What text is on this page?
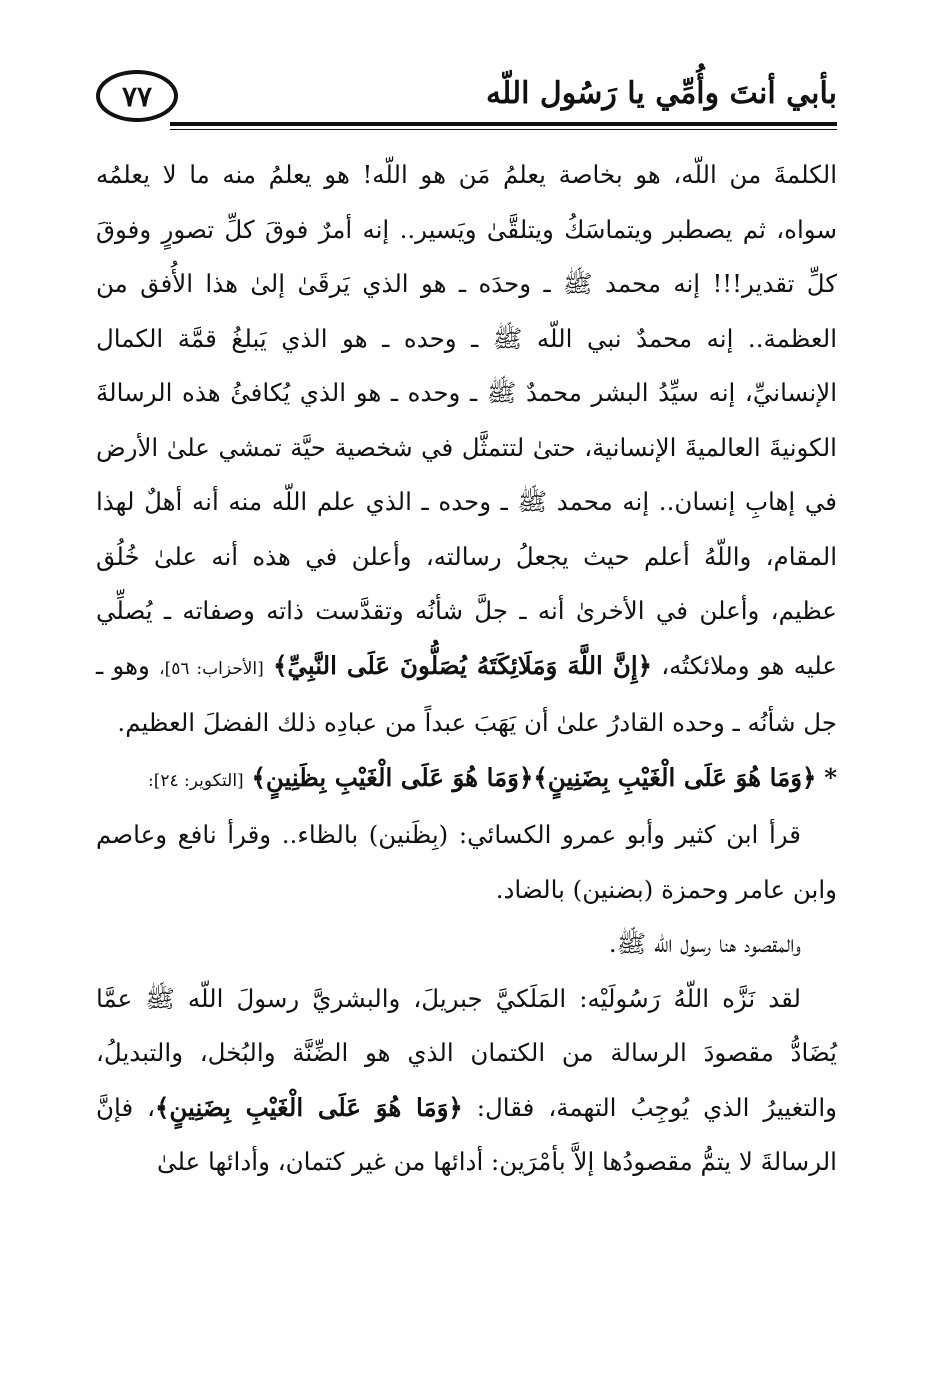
بأبي أنتَ وأُمِّي يا رَسُول اللّه
٧٧

الكلمةَ من اللّه، هو بخاصة يعلمُ مَن هو اللّه! هو يعلمُ منه ما لا يعلمُه سواه، ثم يصطبر ويتماسَكُ ويتلقَّىٰ ويَسير.. إنه أمرٌ فوقَ كلِّ تصورٍ وفوقَ كلِّ تقدير!!! إنه محمد ﷺ ـ وحدَه ـ هو الذي يَرقَىٰ إلىٰ هذا الأُفق من العظمة.. إنه محمدٌ نبي اللّه ﷺ ـ وحده ـ هو الذي يَبلغُ قمَّة الكمال الإنسانيِّ، إنه سيِّدُ البشر محمدٌ ﷺ ـ وحده ـ هو الذي يُكافئُ هذه الرسالةَ الكونيةَ العالميةَ الإنسانية، حتىٰ لتتمثَّل في شخصية حيَّة تمشي علىٰ الأرض في إهابِ إنسان.. إنه محمد ﷺ ـ وحده ـ الذي علم اللّه منه أنه أهلٌ لهذا المقام، واللّهُ أعلم حيث يجعلُ رسالته، وأعلن في هذه أنه علىٰ خُلُق عظيم، وأعلن في الأخرىٰ أنه ـ جلَّ شأنُه وتقدَّست ذاته وصفاته ـ يُصلِّي عليه هو وملائكتُه، ﴿إِنَّ اللَّهَ وَمَلَائِكَتَهُ يُصَلُّونَ عَلَى النَّبِيِّ﴾ [الأحزاب: ٥٦]، وهو ـ جل شأنُه ـ وحده القادرُ علىٰ أن يَهَبَ عبداً من عبادِه ذلك الفضلَ العظيم.

* ﴿وَمَا هُوَ عَلَى الْغَيْبِ بِضَنِينٍ﴾﴿وَمَا هُوَ عَلَى الْغَيْبِ بِظَنِينٍ﴾ [التكوير: ٢٤]:

قرأ ابن كثير وأبو عمرو الكسائي: (بِظَنين) بالظاء.. وقرأ نافع وعاصم وابن عامر وحمزة (بضنين) بالضاد.

والمقصود هنا رسول اللّه ﷺ.

لقد نَزَّه اللّهُ رَسُولَيْه: المَلَكيَّ جبريلَ، والبشريَّ رسولَ اللّه ﷺ عمَّا يُضَادُّ مقصودَ الرسالة من الكتمان الذي هو الضِّنَّة والبُخل، والتبديلُ، والتغييرُ الذي يُوجِبُ التهمة، فقال: ﴿وَمَا هُوَ عَلَى الْغَيْبِ بِضَنِينٍ﴾، فإنَّ الرسالةَ لا يتمُّ مقصودُها إلاَّ بأمْرَين: أدائها من غير كتمان، وأدائها علىٰ
